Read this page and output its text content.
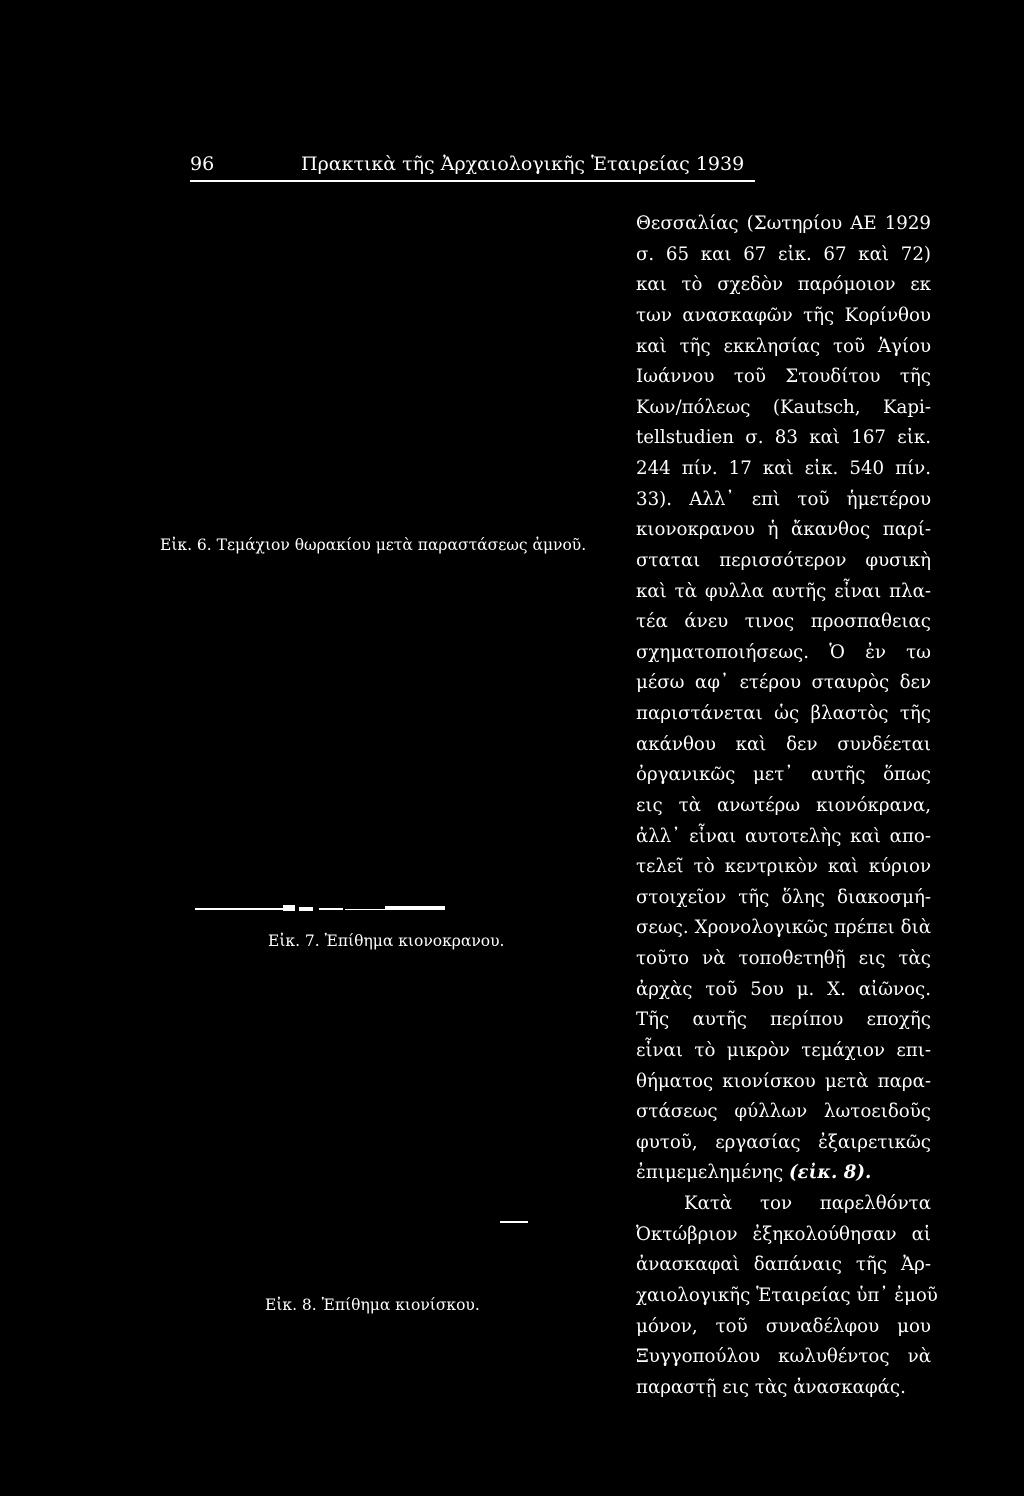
96	Πρακτικὰ τῆς Ἀρχαιολογικῆς Ἑταιρείας 1939
Εἰκ. 6. Τεμάχιον θωρακίου μετὰ παραστάσεως ἀμνοῦ.
Εἰκ. 7. Ἐπίθημα κιονοκρανου.
Εἰκ. 8. Ἐπίθημα κιονίσκου.
Θεσσαλίας (Σωτηρίου ΑΕ 1929
σ. 65 και 67 εἰκ. 67 καὶ 72)
και τὸ σχεδὸν παρόμοιον εκ
των ανασκαφῶν τῆς Κορίνθου
καὶ τῆς εκκλησίας τοῦ Ἁγίου
Ιωάννου τοῦ Στουδίτου τῆς
Κων/πόλεως (Kautsch, Kapi-
tellstudien σ. 83 καὶ 167 εἰκ.
244 πίν. 17 καὶ εἰκ. 540 πίν.
33). Αλλ᾿ επὶ τοῦ ἡμετέρου
κιονοκρανου ἡ ἄκανθος παρί-
σταται περισσότερον φυσικὴ
καὶ τὰ φυλλα αυτῆς εἶναι πλα-
τέα άνευ τινος προσπαθειας
σχηματοποιήσεως. Ὁ ἐν τω
μέσω αφ᾿ ετέρου σταυρὸς δεν
παριστάνεται ὡς βλαστὸς τῆς
ακάνθου καὶ δεν συνδέεται
ὀργανικῶς μετ᾿ αυτῆς ὅπως
εις τὰ ανωτέρω κιονόκρανα,
ἀλλ᾿ εἶναι αυτοτελὴς καὶ απο-
τελεῖ τὸ κεντρικὸν καὶ κύριον
στοιχεῖον τῆς ὅλης διακοσμή-
σεως. Χρονολογικῶς πρέπει διὰ
τοῦτο νὰ τοποθετηθῇ εις τὰς
ἀρχὰς τοῦ 5ου μ. Χ. αἰῶνος.
Τῆς αυτῆς περίπου εποχῆς
εἶναι τὸ μικρὸν τεμάχιον επι-
θήματος κιονίσκου μετὰ παρα-
στάσεως φύλλων λωτοειδοῦς
φυτοῦ, εργασίας ἐξαιρετικῶς
ἐπιμεμελημένης (εἰκ. 8).
Κατὰ τον παρελθόντα
Ὀκτώβριον ἐξηκολούθησαν αἱ
ἀνασκαφαὶ δαπάναις τῆς Ἀρ-
χαιολογικῆς Ἑταιρείας ὑπ᾿ ἐμοῦ
μόνον, τοῦ συναδέλφου μου
Ξυγγοπούλου κωλυθέντος νὰ
παραστῇ εις τὰς ἀνασκαφάς.
